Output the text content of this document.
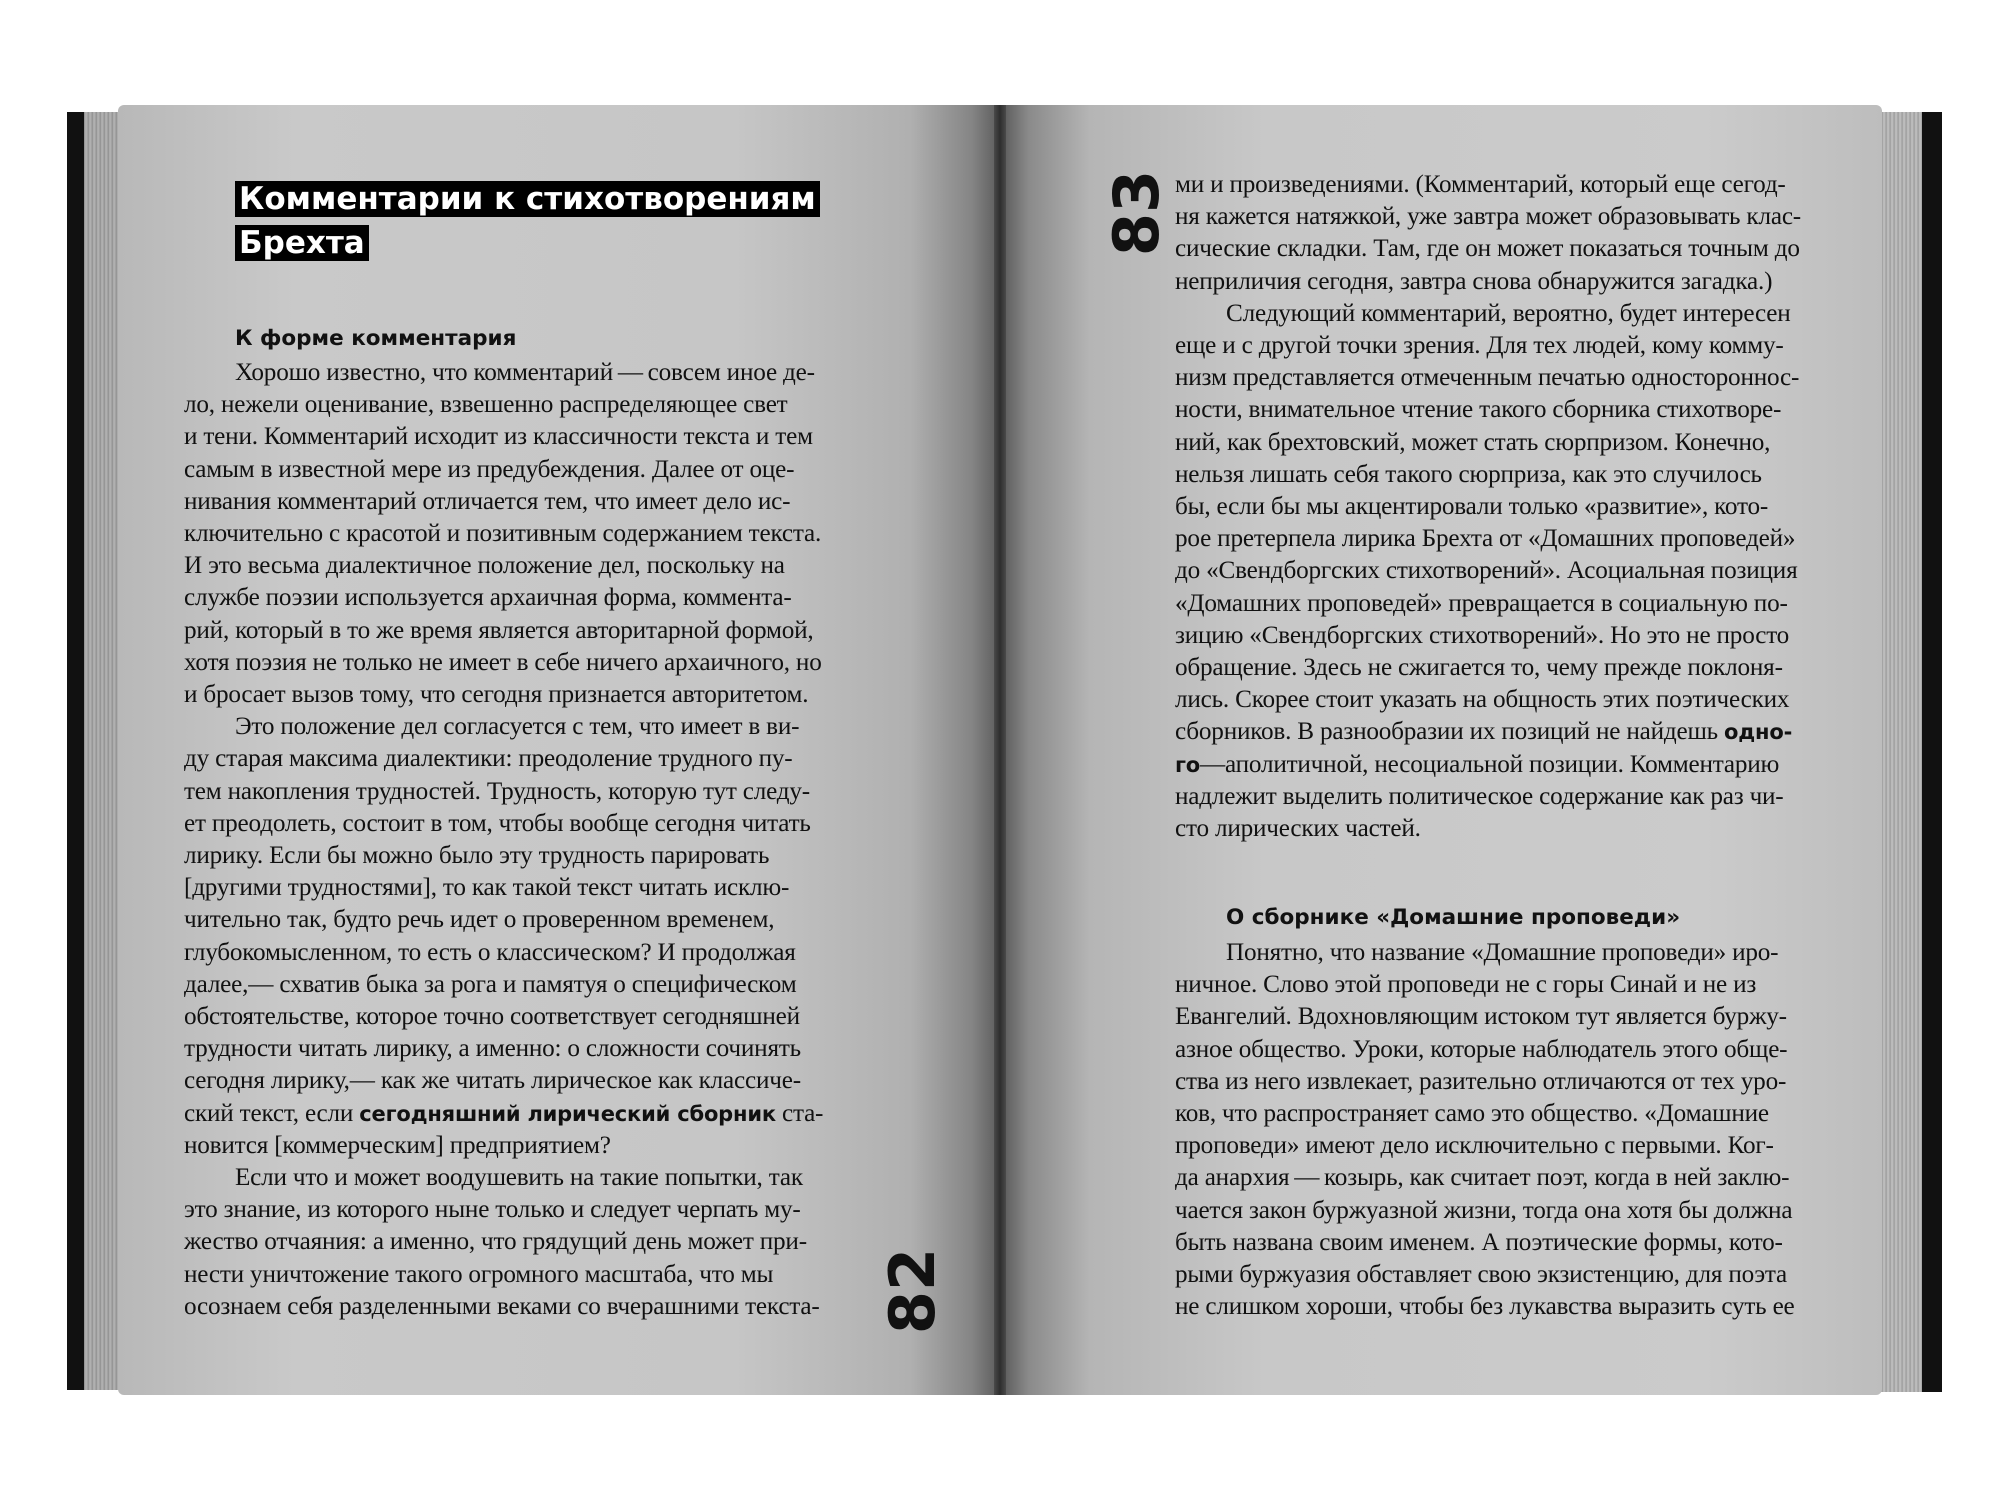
Комментарии к стихотворениям
Брехта
К форме комментария
Хорошо известно, что комментарий — совсем иное де-
ло, нежели оценивание, взвешенно распределяющее свет
и тени. Комментарий исходит из классичности текста и тем
самым в известной мере из предубеждения. Далее от оце-
нивания комментарий отличается тем, что имеет дело ис-
ключительно с красотой и позитивным содержанием текста.
И это весьма диалектичное положение дел, поскольку на
службе поэзии используется архаичная форма, коммента-
рий, который в то же время является авторитарной формой,
хотя поэзия не только не имеет в себе ничего архаичного, но
и бросает вызов тому, что сегодня признается авторитетом.
Это положение дел согласуется с тем, что имеет в ви-
ду старая максима диалектики: преодоление трудного пу-
тем накопления трудностей. Трудность, которую тут следу-
ет преодолеть, состоит в том, чтобы вообще сегодня читать
лирику. Если бы можно было эту трудность парировать
[другими трудностями], то как такой текст читать исклю-
чительно так, будто речь идет о проверенном временем,
глубокомысленном, то есть о классическом? И продолжая
далее,— схватив быка за рога и памятуя о специфическом
обстоятельстве, которое точно соответствует сегодняшней
трудности читать лирику, а именно: о сложности сочинять
сегодня лирику,— как же читать лирическое как классиче-
ский текст, если сегодняшний лирический сборник ста-
новится [коммерческим] предприятием?
Если что и может воодушевить на такие попытки, так
это знание, из которого ныне только и следует черпать му-
жество отчаяния: а именно, что грядущий день может при-
нести уничтожение такого огромного масштаба, что мы
осознаем себя разделенными веками со вчерашними текста- 82
83 ми и произведениями. (Комментарий, который еще сегод-
ня кажется натяжкой, уже завтра может образовывать клас-
сические складки. Там, где он может показаться точным до
неприличия сегодня, завтра снова обнаружится загадка.)
Следующий комментарий, вероятно, будет интересен
еще и с другой точки зрения. Для тех людей, кому комму-
низм представляется отмеченным печатью одностороннос-
ности, внимательное чтение такого сборника стихотворе-
ний, как брехтовский, может стать сюрпризом. Конечно,
нельзя лишать себя такого сюрприза, как это случилось
бы, если бы мы акцентировали только «развитие», кото-
рое претерпела лирика Брехта от «Домашних проповедей»
до «Свендборгских стихотворений». Асоциальная позиция
«Домашних проповедей» превращается в социальную по-
зицию «Свендборгских стихотворений». Но это не просто
обращение. Здесь не сжигается то, чему прежде поклоня-
лись. Скорее стоит указать на общность этих поэтических
сборников. В разнообразии их позиций не найдешь одно-
го—аполитичной, несоциальной позиции. Комментарию
надлежит выделить политическое содержание как раз чи-
сто лирических частей.
О сборнике «Домашние проповеди»
Понятно, что название «Домашние проповеди» иро-
ничное. Слово этой проповеди не с горы Синай и не из
Евангелий. Вдохновляющим истоком тут является буржу-
азное общество. Уроки, которые наблюдатель этого обще-
ства из него извлекает, разительно отличаются от тех уро-
ков, что распространяет само это общество. «Домашние
проповеди» имеют дело исключительно с первыми. Ког-
да анархия — козырь, как считает поэт, когда в ней заклю-
чается закон буржуазной жизни, тогда она хотя бы должна
быть названа своим именем. А поэтические формы, кото-
рыми буржуазия обставляет свою экзистенцию, для поэта
не слишком хороши, чтобы без лукавства выразить суть ее
